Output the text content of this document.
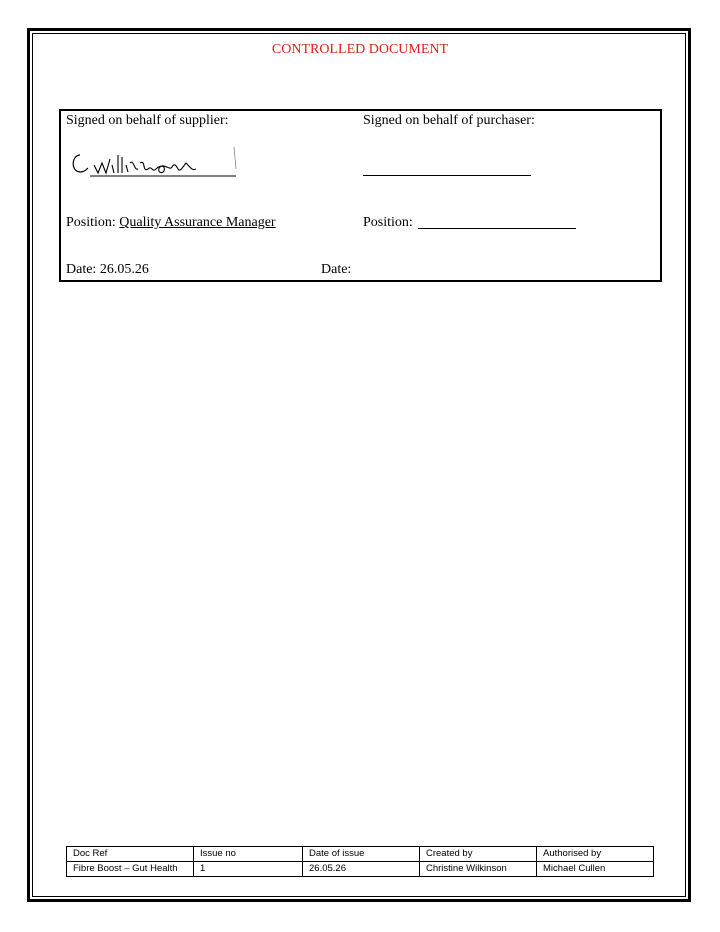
CONTROLLED DOCUMENT
Signed on behalf of supplier:	Signed on behalf of purchaser:
Position: Quality Assurance Manager	Position:
Date: 26.05.26	Date:
Doc Ref	Issue no	Date of issue	Created by	Authorised by
Fibre Boost – Gut Health	1	26.05.26	Christine Wilkinson	Michael Cullen
